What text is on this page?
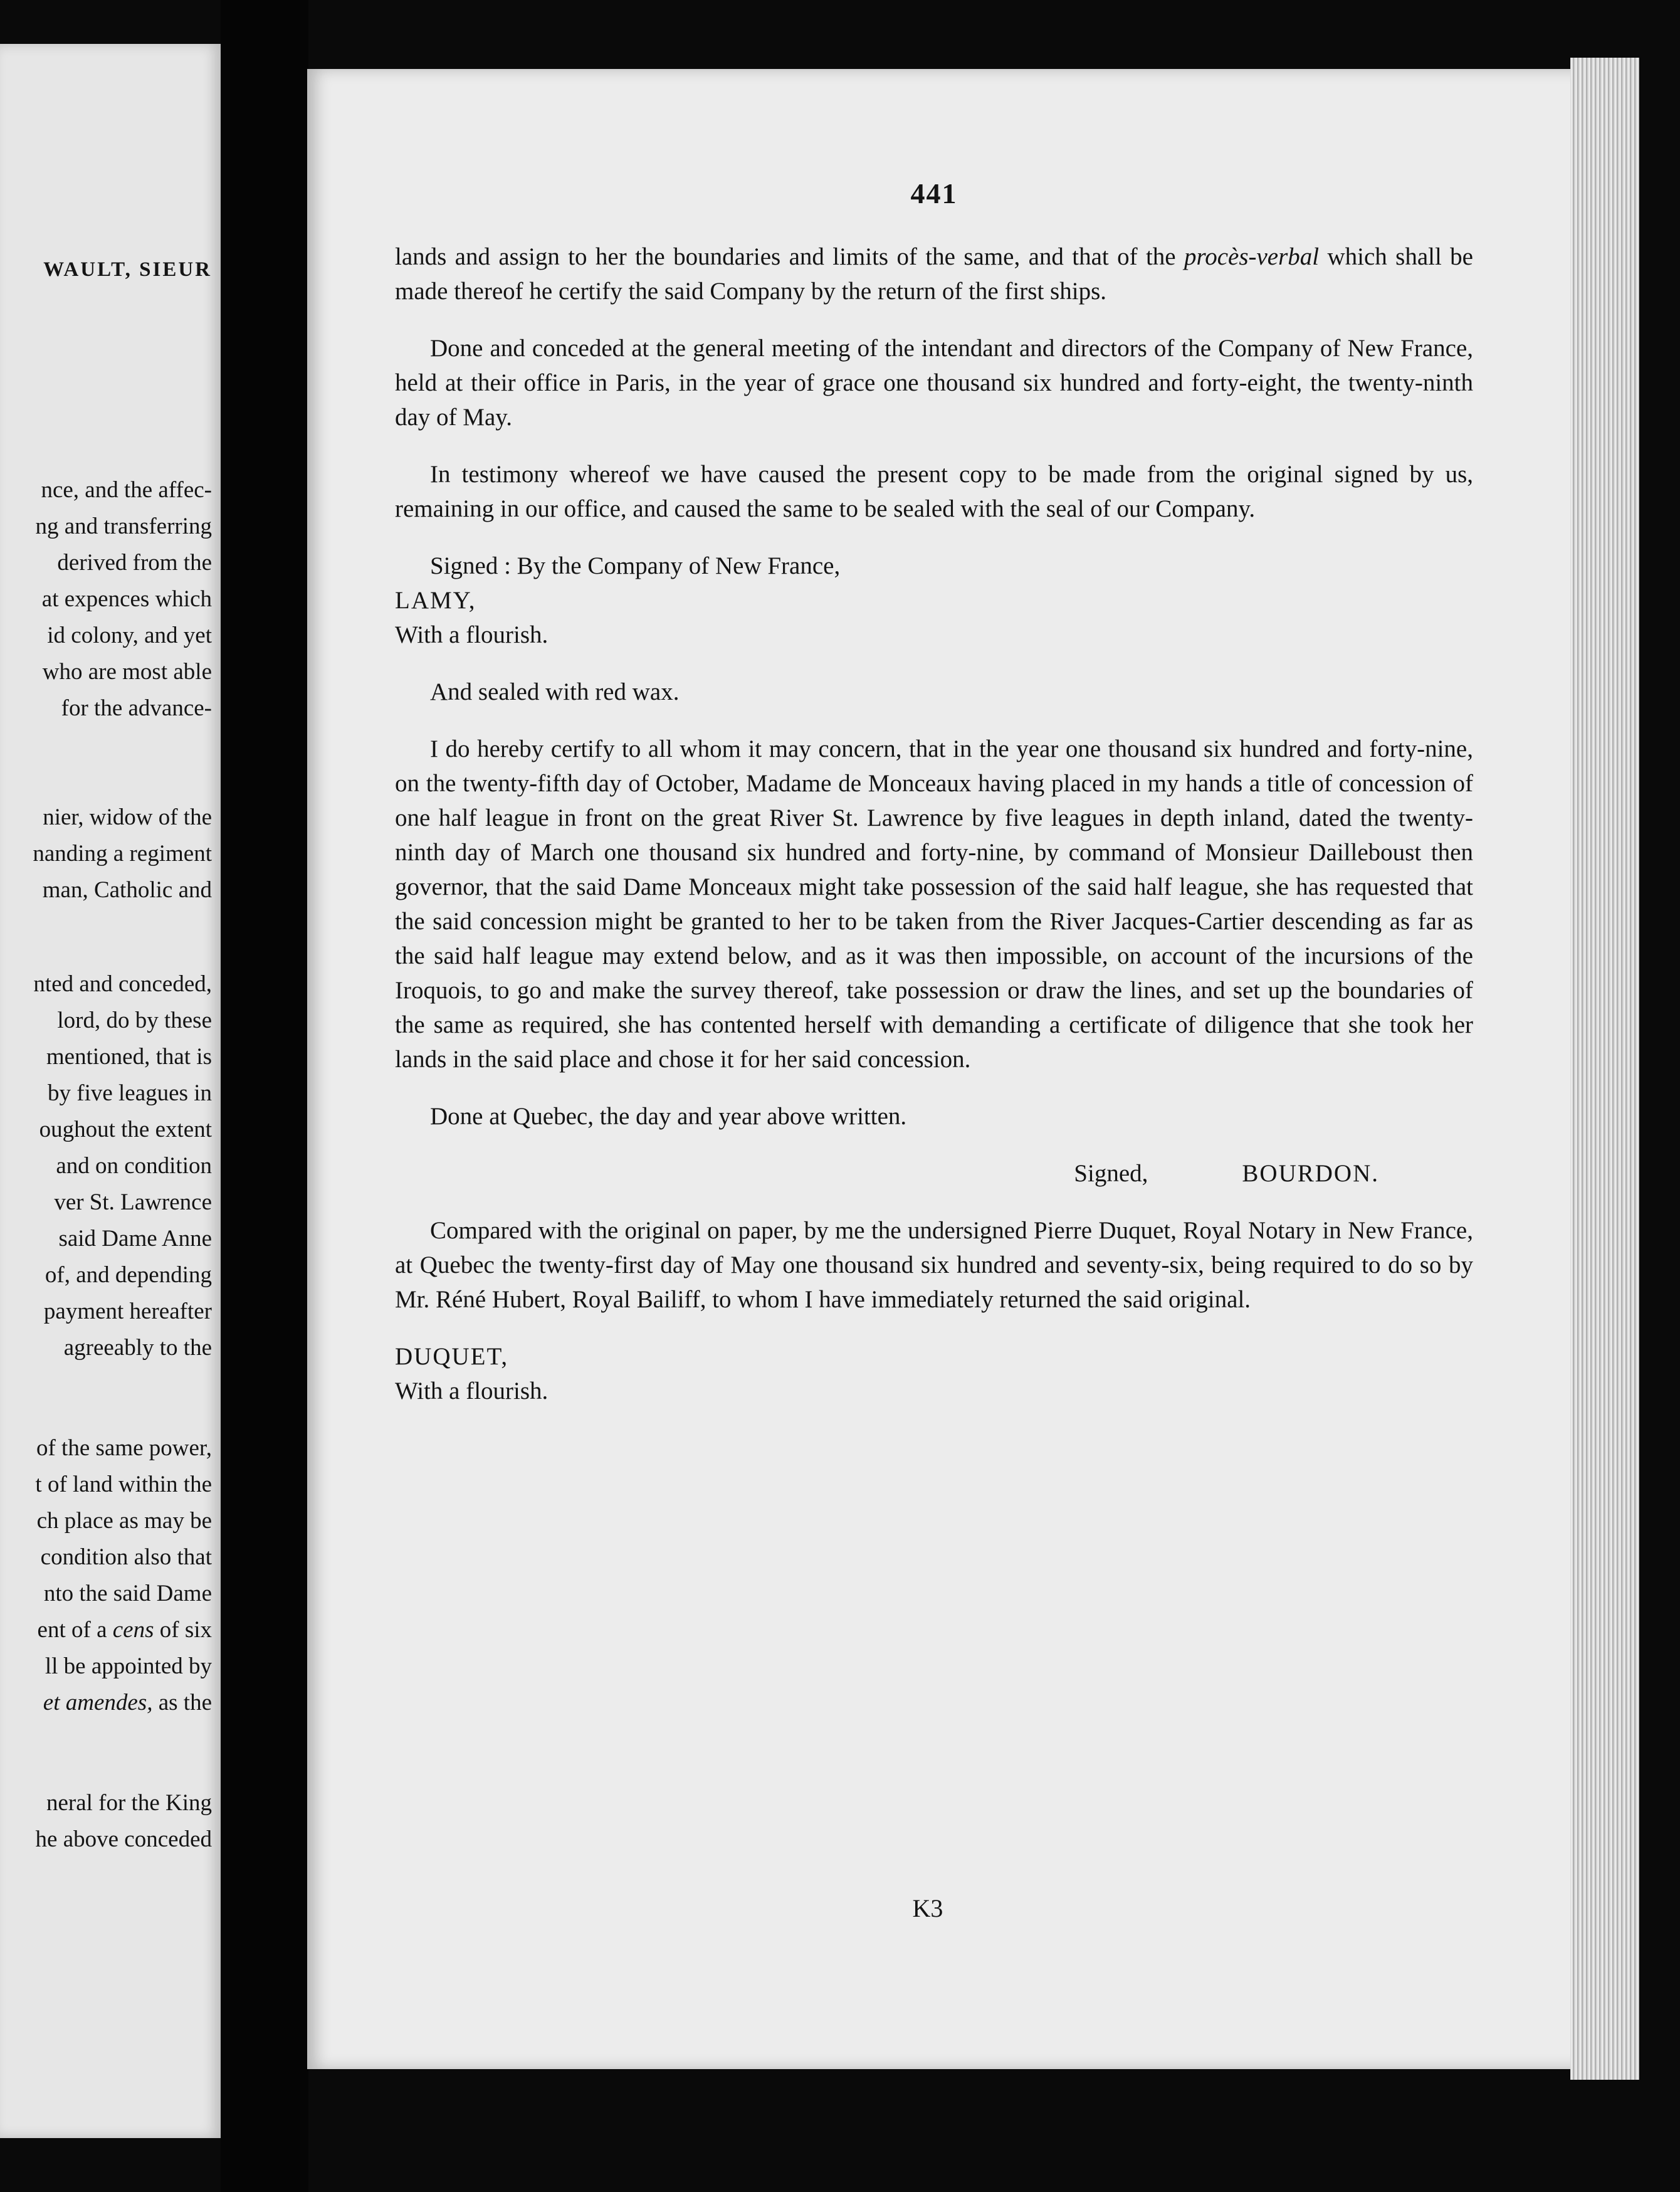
WAULT, SIEUR
nce, and the affec-
ng and transferring
derived from the
at expences which
id colony, and yet
who are most able
for the advance-
nier, widow of the
nanding a regiment
man, Catholic and
nted and conceded,
lord, do by these
mentioned, that is
by five leagues in
oughout the extent
and on condition
ver St. Lawrence
said Dame Anne
of, and depending
payment hereafter
agreeably to the
of the same power,
t of land within the
ch place as may be
condition also that
nto the said Dame
ent of a cens of six
ll be appointed by
et amendes, as the
neral for the King
he above conceded
441

lands and assign to her the boundaries and limits of the same, and that of the procès-verbal which shall be made thereof he certify the said Company by the return of the first ships.

Done and conceded at the general meeting of the intendant and directors of the Company of New France, held at their office in Paris, in the year of grace one thousand six hundred and forty-eight, the twenty-ninth day of May.

In testimony whereof we have caused the present copy to be made from the original signed by us, remaining in our office, and caused the same to be sealed with the seal of our Company.

Signed : By the Company of New France,

LAMY,

With a flourish.

And sealed with red wax.

I do hereby certify to all whom it may concern, that in the year one thousand six hundred and forty-nine, on the twenty-fifth day of October, Madame de Monceaux having placed in my hands a title of concession of one half league in front on the great River St. Lawrence by five leagues in depth inland, dated the twenty-ninth day of March one thousand six hundred and forty-nine, by command of Monsieur Dailleboust then governor, that the said Dame Monceaux might take possession of the said half league, she has requested that the said concession might be granted to her to be taken from the River Jacques-Cartier descending as far as the said half league may extend below, and as it was then impossible, on account of the incursions of the Iroquois, to go and make the survey thereof, take possession or draw the lines, and set up the boundaries of the same as required, she has contented herself with demanding a certificate of diligence that she took her lands in the said place and chose it for her said concession.

Done at Quebec, the day and year above written.

Signed,	BOURDON.

Compared with the original on paper, by me the undersigned Pierre Duquet, Royal Notary in New France, at Quebec the twenty-first day of May one thousand six hundred and seventy-six, being required to do so by Mr. Réné Hubert, Royal Bailiff, to whom I have immediately returned the said original.

DUQUET,

With a flourish.

K3
